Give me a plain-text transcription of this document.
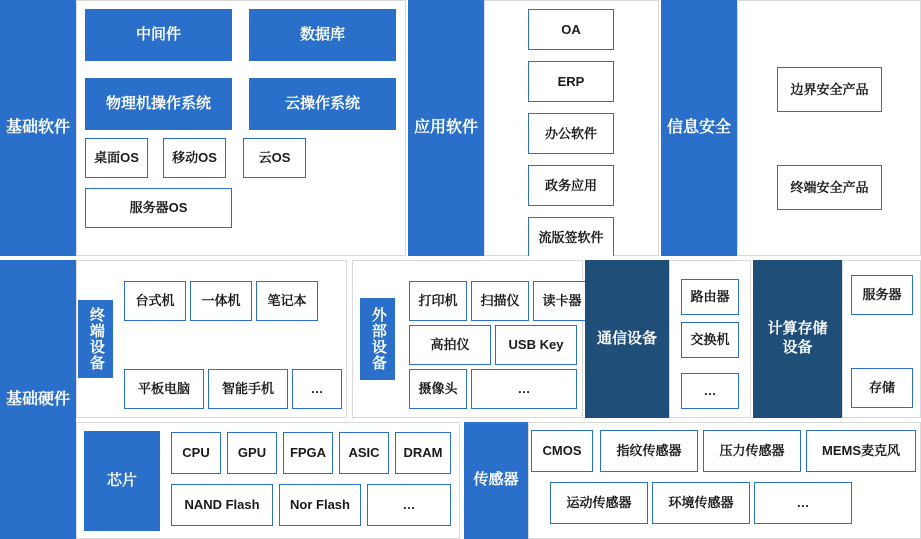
基础软件
中间件	数据库
物理机操作系统	云操作系统
桌面OS	移动OS	云OS
服务器OS
应用软件
OA
ERP
办公软件
政务应用
流版签软件
信息安全
边界安全产品
终端安全产品
基础硬件
终端设备
台式机 一体机 笔记本
平板电脑 智能手机	…
外部设备
打印机 扫描仪 读卡器
高拍仪	USB Key
摄像头	…
通信设备
路由器
交换机
…
计算存储设备
服务器
存储
芯片
CPU GPU FPGA ASIC DRAM
NAND Flash Nor Flash	…
传感器
CMOS	指纹传感器	压力传感器	MEMS麦克风
运动传感器	环境传感器	…
